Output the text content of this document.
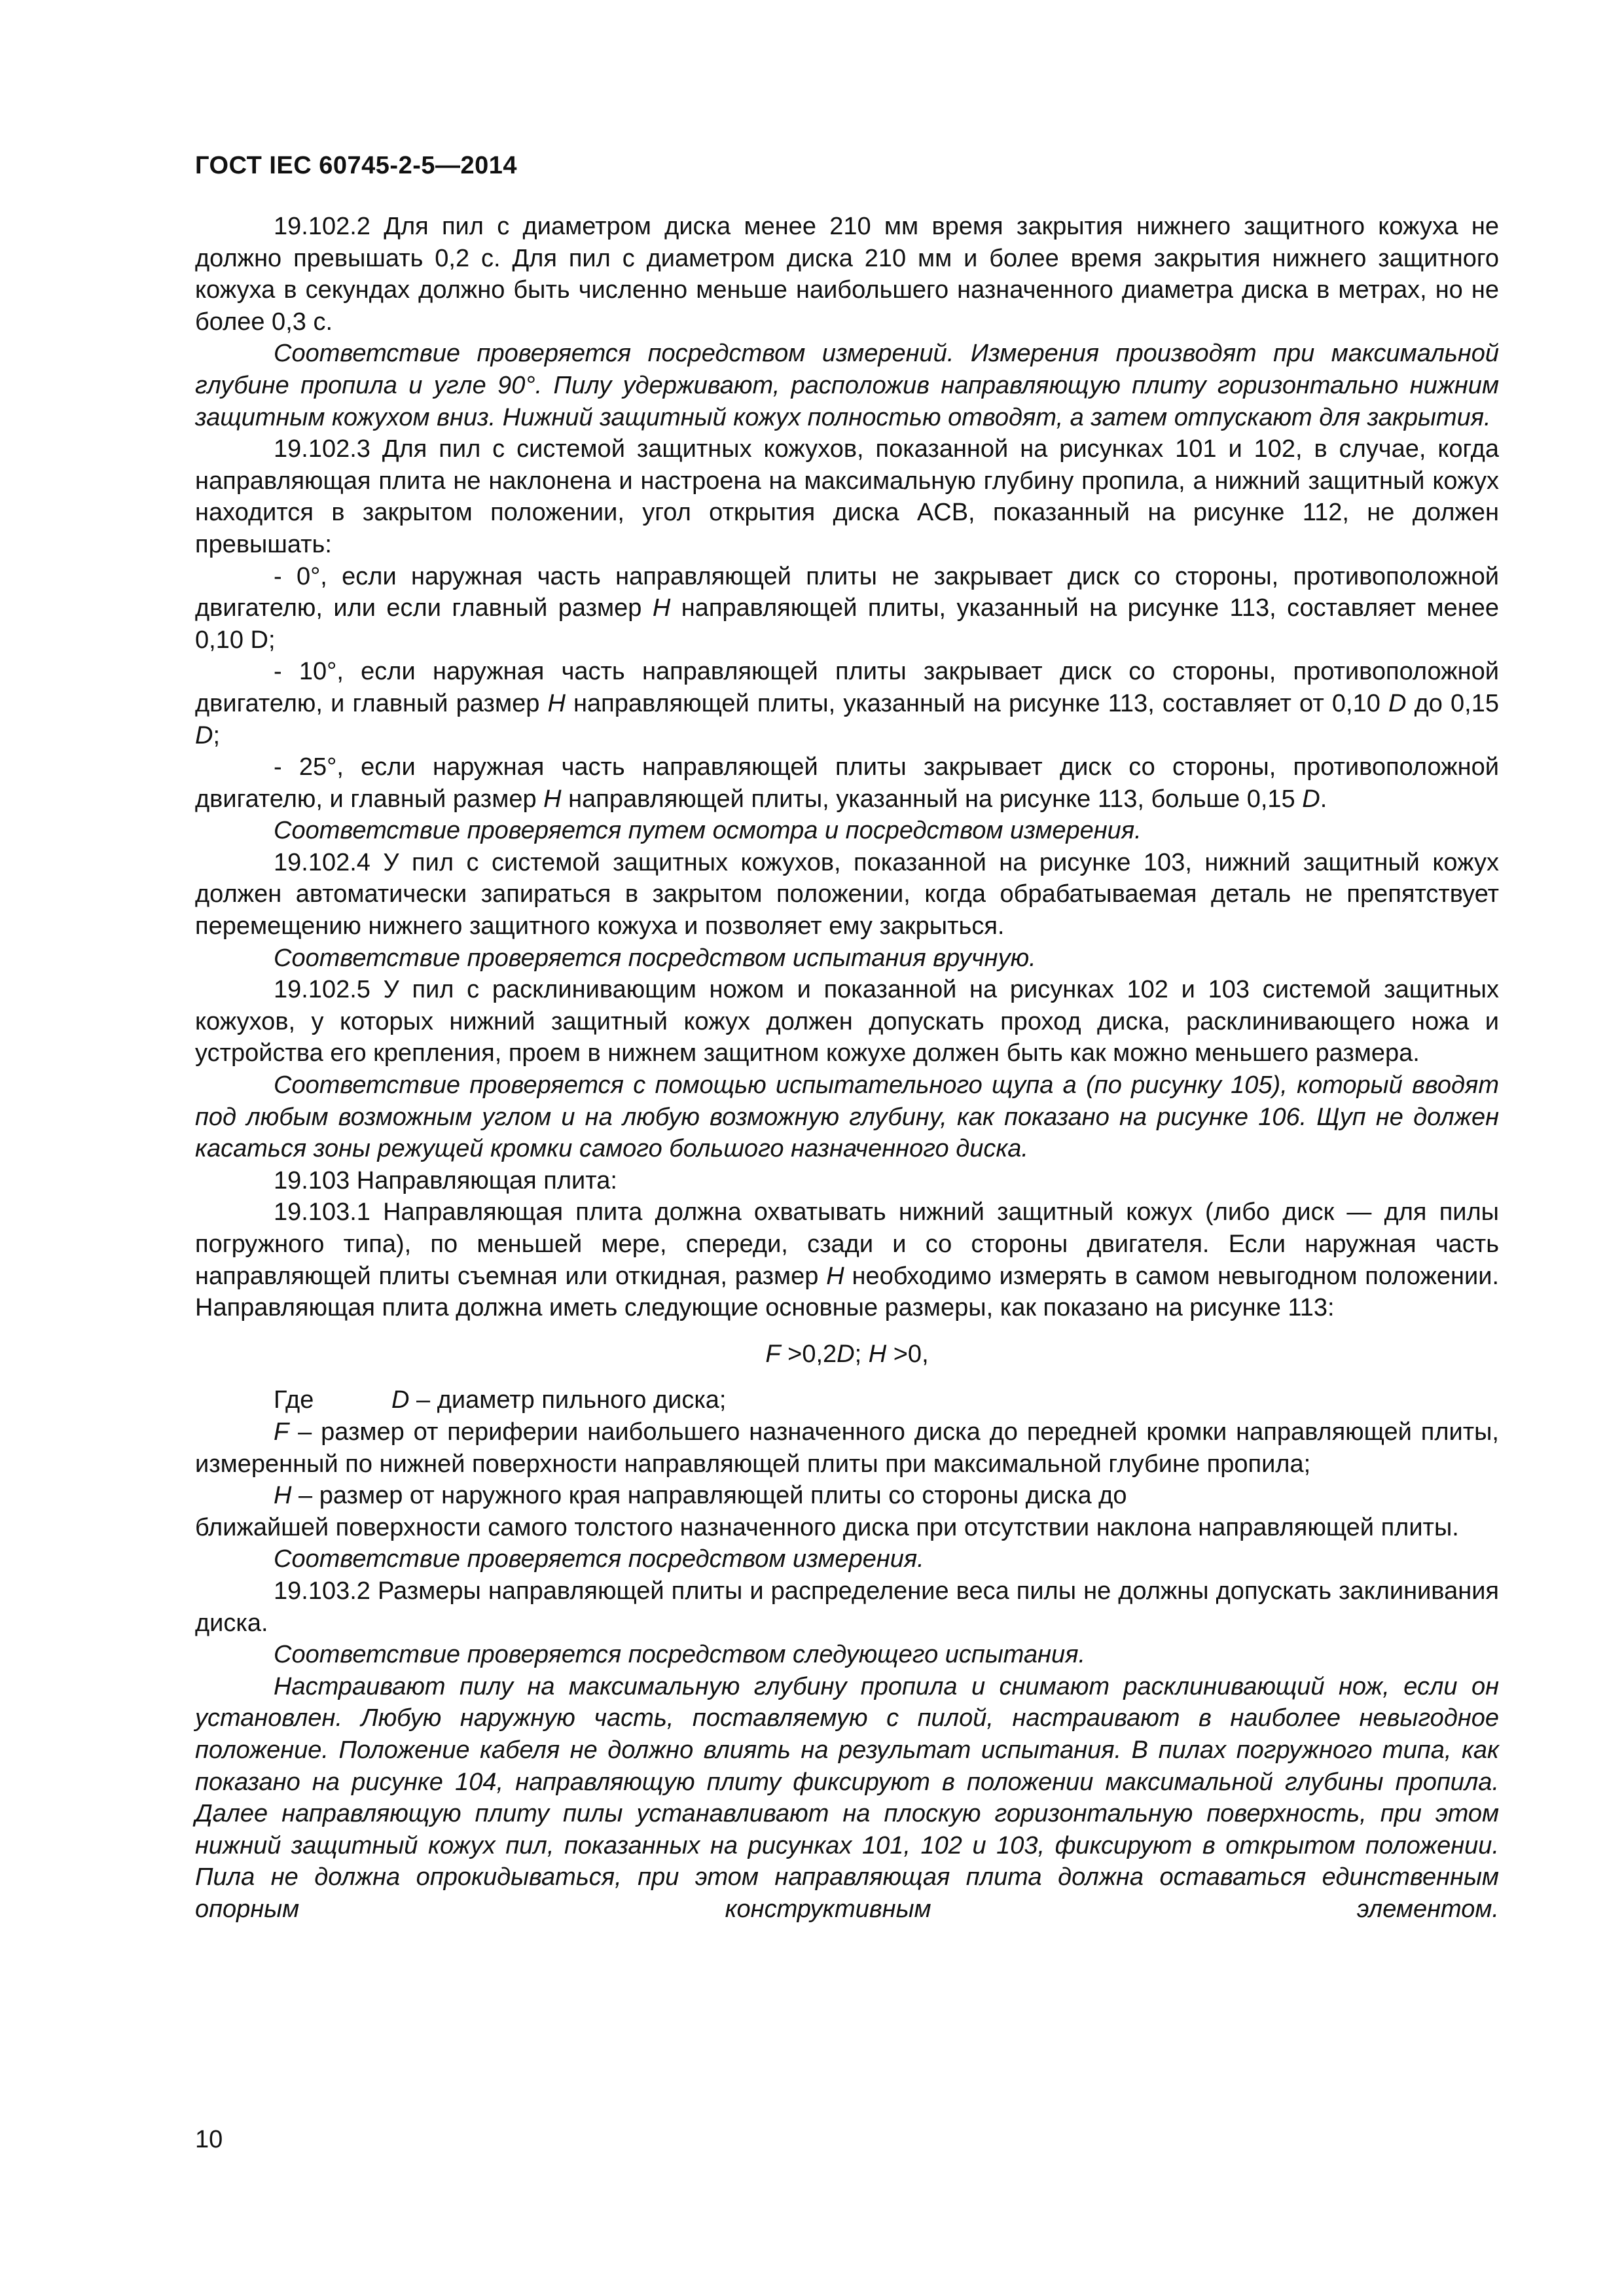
ГОСТ IEC 60745-2-5—2014

19.102.2 Для пил с диаметром диска менее 210 мм время закрытия нижнего защитного кожуха не должно превышать 0,2 с. Для пил с диаметром диска 210 мм и более время закрытия нижнего защитного кожуха в секундах должно быть численно меньше наибольшего назначенного диаметра диска в метрах, но не более 0,3 с.

Соответствие проверяется посредством измерений. Измерения производят при максимальной глубине пропила и угле 90°. Пилу удерживают, расположив направляющую плиту горизонтально нижним защитным кожухом вниз. Нижний защитный кожух полностью отводят, а затем отпускают для закрытия.

19.102.3 Для пил с системой защитных кожухов, показанной на рисунках 101 и 102, в случае, когда направляющая плита не наклонена и настроена на максимальную глубину пропила, а нижний защитный кожух находится в закрытом положении, угол открытия диска ACB, показанный на рисунке 112, не должен превышать:

- 0°, если наружная часть направляющей плиты не закрывает диск со стороны, противоположной двигателю, или если главный размер H направляющей плиты, указанный на рисунке 113, составляет менее 0,10 D;

- 10°, если наружная часть направляющей плиты закрывает диск со стороны, противоположной двигателю, и главный размер H направляющей плиты, указанный на рисунке 113, составляет от 0,10 D до 0,15 D;

- 25°, если наружная часть направляющей плиты закрывает диск со стороны, противоположной двигателю, и главный размер H направляющей плиты, указанный на рисунке 113, больше 0,15 D.

Соответствие проверяется путем осмотра и посредством измерения.

19.102.4 У пил с системой защитных кожухов, показанной на рисунке 103, нижний защитный кожух должен автоматически запираться в закрытом положении, когда обрабатываемая деталь не препятствует перемещению нижнего защитного кожуха и позволяет ему закрыться.

Соответствие проверяется посредством испытания вручную.

19.102.5 У пил с расклинивающим ножом и показанной на рисунках 102 и 103 системой защитных кожухов, у которых нижний защитный кожух должен допускать проход диска, расклинивающего ножа и устройства его крепления, проем в нижнем защитном кожухе должен быть как можно меньшего размера.

Соответствие проверяется с помощью испытательного щупа a (по рисунку 105), который вводят под любым возможным углом и на любую возможную глубину, как показано на рисунке 106. Щуп не должен касаться зоны режущей кромки самого большого назначенного диска.

19.103 Направляющая плита:

19.103.1 Направляющая плита должна охватывать нижний защитный кожух (либо диск — для пилы погружного типа), по меньшей мере, спереди, сзади и со стороны двигателя. Если наружная часть направляющей плиты съемная или откидная, размер H необходимо измерять в самом невыгодном положении. Направляющая плита должна иметь следующие основные размеры, как показано на рисунке 113:

F >0,2D; H >0,

Где	D – диаметр пильного диска;

F – размер от периферии наибольшего назначенного диска до передней кромки направляющей плиты, измеренный по нижней поверхности направляющей плиты при максимальной глубине пропила;

H – размер от наружного края направляющей плиты со стороны диска до

ближайшей поверхности самого толстого назначенного диска при отсутствии наклона направляющей плиты.

Соответствие проверяется посредством измерения.

19.103.2 Размеры направляющей плиты и распределение веса пилы не должны допускать заклинивания диска.

Соответствие проверяется посредством следующего испытания.

Настраивают пилу на максимальную глубину пропила и снимают расклинивающий нож, если он установлен. Любую наружную часть, поставляемую с пилой, настраивают в наиболее невыгодное положение. Положение кабеля не должно влиять на результат испытания. В пилах погружного типа, как показано на рисунке 104, направляющую плиту фиксируют в положении максимальной глубины пропила. Далее направляющую плиту пилы устанавливают на плоскую горизонтальную поверхность, при этом нижний защитный кожух пил, показанных на рисунках 101, 102 и 103, фиксируют в открытом положении. Пила не должна опрокидываться, при этом направляющая плита должна оставаться единственным опорным конструктивным элементом.

10
